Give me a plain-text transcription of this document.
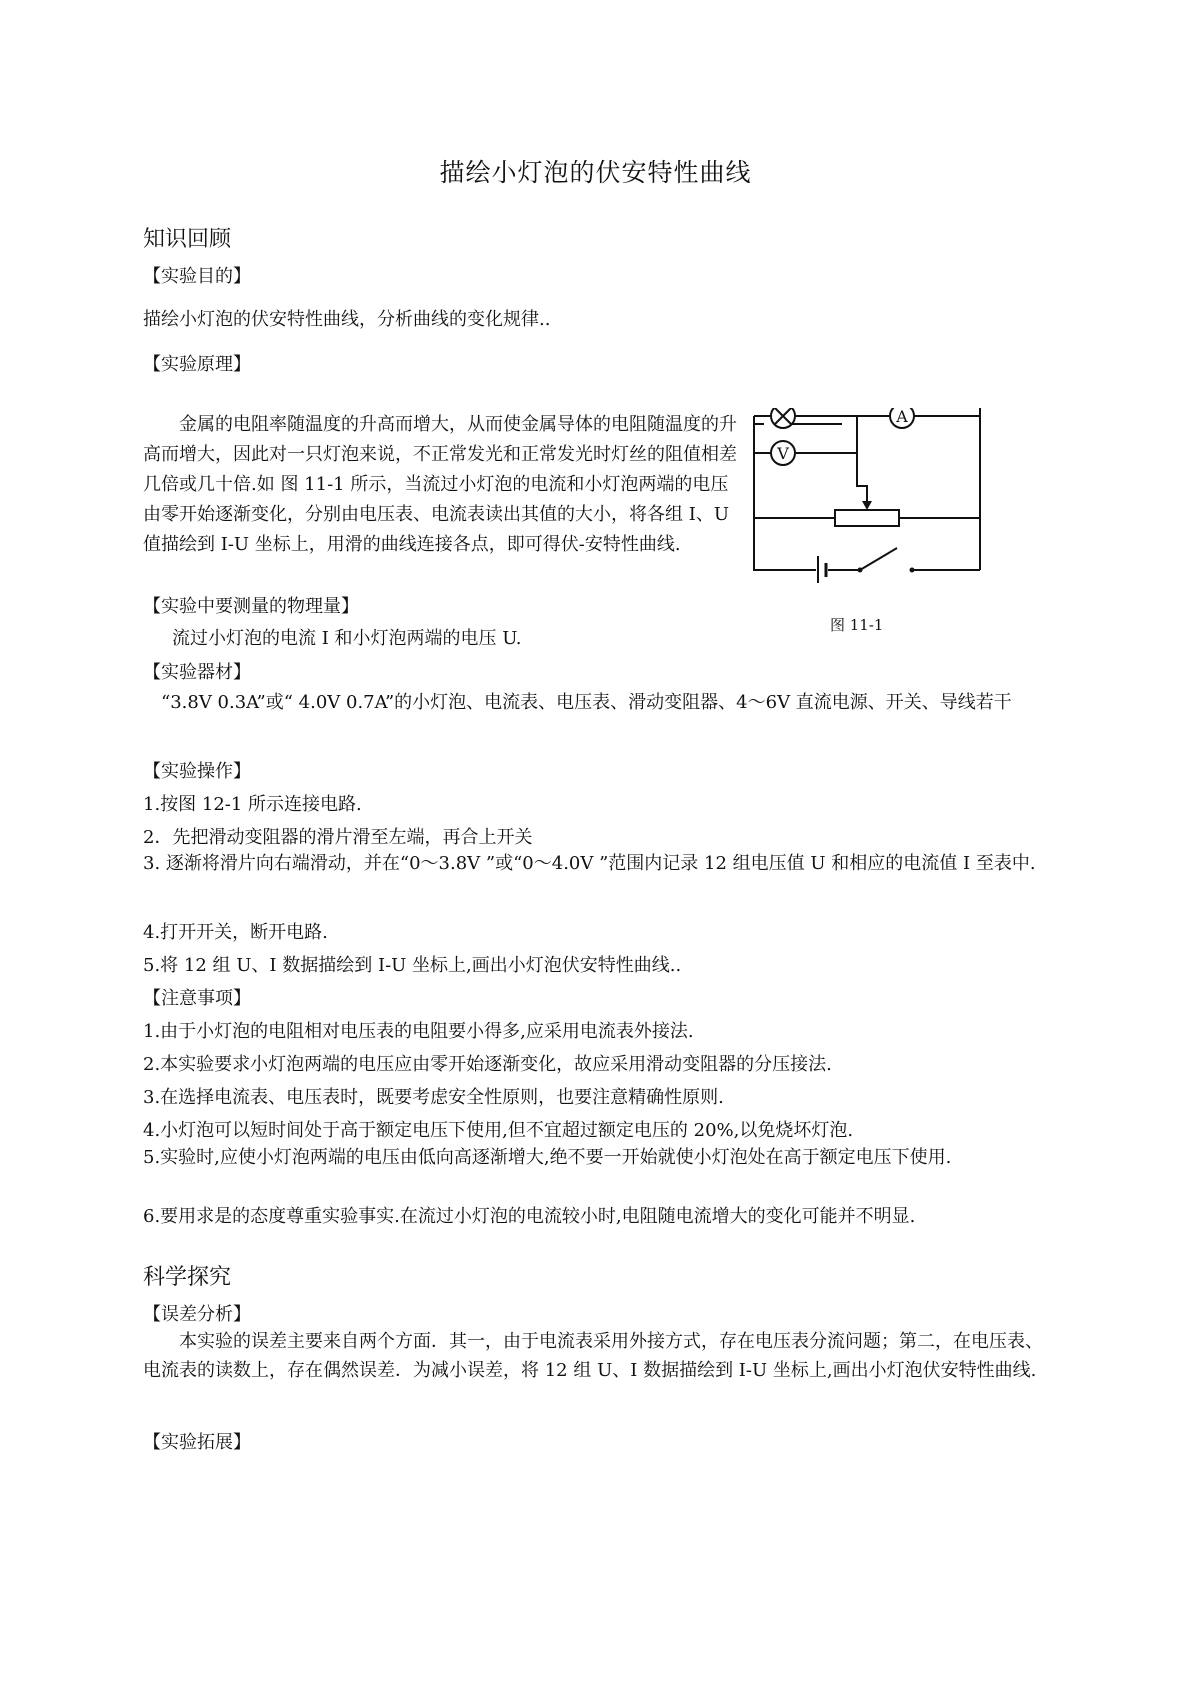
描绘小灯泡的伏安特性曲线
知识回顾
【实验目的】
描绘小灯泡的伏安特性曲线，分析曲线的变化规律..
【实验原理】
金属的电阻率随温度的升高而增大，从而使金属导体的电阻随温度的升高而增大，因此对一只灯泡来说，不正常发光和正常发光时灯丝的阻值相差几倍或几十倍.如 图 11-1 所示，当流过小灯泡的电流和小灯泡两端的电压由零开始逐渐变化，分别由电压表、电流表读出其值的大小，将各组 I、U 值描绘到 I-U 坐标上，用滑的曲线连接各点，即可得伏-安特性曲线.
A
V
图 11-1
【实验中要测量的物理量】
流过小灯泡的电流 I 和小灯泡两端的电压 U.
【实验器材】
“3.8V 0.3A”或“ 4.0V 0.7A”的小灯泡、电流表、电压表、滑动变阻器、4～6V 直流电源、开关、导线若干
【实验操作】
1.按图 12-1 所示连接电路.
2．先把滑动变阻器的滑片滑至左端，再合上开关
3. 逐渐将滑片向右端滑动，并在“0～3.8V ”或“0～4.0V ”范围内记录 12 组电压值 U 和相应的电流值 I 至表中.
4.打开开关，断开电路.
5.将 12 组 U、I 数据描绘到 I-U 坐标上,画出小灯泡伏安特性曲线..
【注意事项】
1.由于小灯泡的电阻相对电压表的电阻要小得多,应采用电流表外接法.
2.本实验要求小灯泡两端的电压应由零开始逐渐变化，故应采用滑动变阻器的分压接法.
3.在选择电流表、电压表时，既要考虑安全性原则，也要注意精确性原则.
4.小灯泡可以短时间处于高于额定电压下使用,但不宜超过额定电压的 20%,以免烧坏灯泡.
5.实验时,应使小灯泡两端的电压由低向高逐渐增大,绝不要一开始就使小灯泡处在高于额定电压下使用.
6.要用求是的态度尊重实验事实.在流过小灯泡的电流较小时,电阻随电流增大的变化可能并不明显.
科学探究
【误差分析】
本实验的误差主要来自两个方面．其一，由于电流表采用外接方式，存在电压表分流问题；第二，在电压表、电流表的读数上，存在偶然误差．为减小误差，将 12 组 U、I 数据描绘到 I-U 坐标上,画出小灯泡伏安特性曲线.
【实验拓展】
